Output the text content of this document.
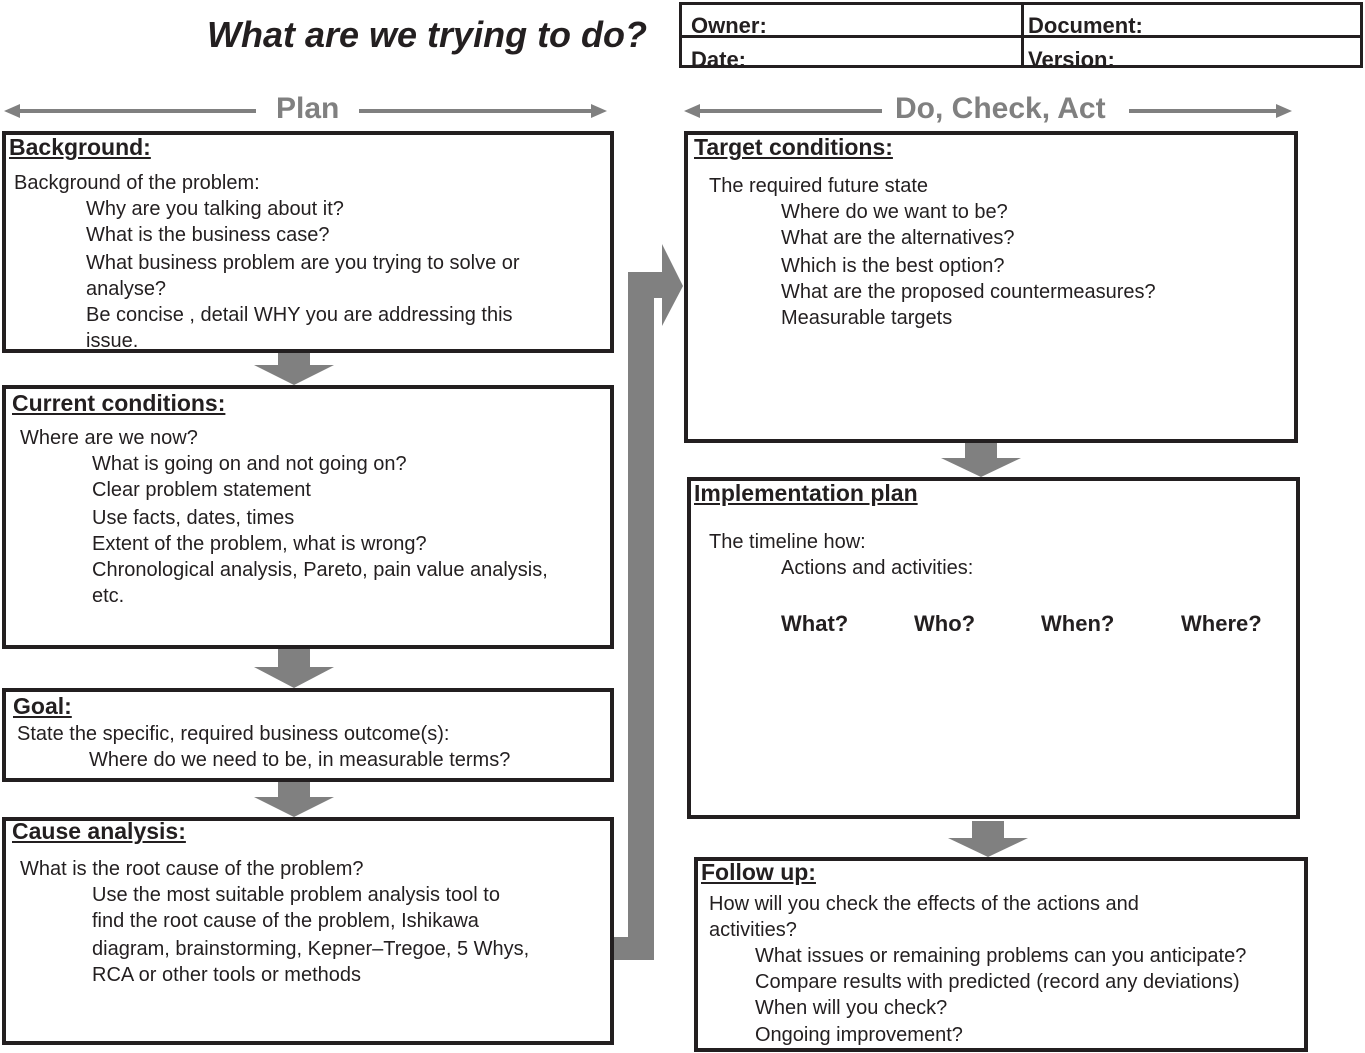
What are we trying to do? Owner:	Document:
Date:	Version:
Plan	Do, Check, Act
Background:
Background of the problem:
Why are you talking about it?
What is the business case?
What business problem are you trying to solve or
analyse?
Be concise , detail WHY you are addressing this
issue.
Current conditions:
Where are we now?
What is going on and not going on?
Clear problem statement
Use facts, dates, times
Extent of the problem, what is wrong?
Chronological analysis, Pareto, pain value analysis,
etc.
Goal:
State the specific, required business outcome(s):
Where do we need to be, in measurable terms?
Cause analysis:
What is the root cause of the problem?
Use the most suitable problem analysis tool to
find the root cause of the problem, Ishikawa
diagram, brainstorming, Kepner–Tregoe, 5 Whys,
RCA or other tools or methods
Target conditions:
The required future state
Where do we want to be?
What are the alternatives?
Which is the best option?
What are the proposed countermeasures?
Measurable targets
Implementation plan
The timeline how:
Actions and activities:
What?	Who?	When?	Where?
Follow up:
How will you check the effects of the actions and
activities?
What issues or remaining problems can you anticipate?
Compare results with predicted (record any deviations)
When will you check?
Ongoing improvement?
